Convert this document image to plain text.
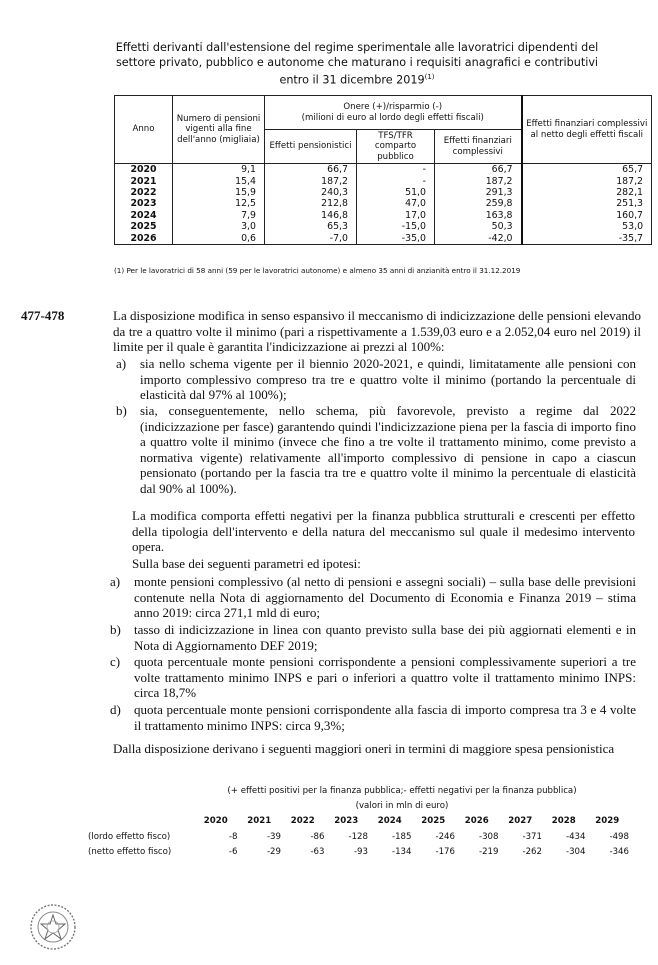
Effetti derivanti dall'estensione del regime sperimentale alle lavoratrici dipendenti del settore privato, pubblico e autonome che maturano i requisiti anagrafici e contributivi entro il 31 dicembre 2019$^{(1)}$
Anno	Numero di pensioni vigenti alla fine dell'anno (migliaia)	Onere (+)/risparmio (-)
(milioni di euro al lordo degli effetti fiscali)			Effetti finanziari complessivi al netto degli effetti fiscali
		Effetti pensionistici	TFS/TFR comparto pubblico	Effetti finanziari complessivi	
2020	9,1	66,7	-	66,7	65,7
2021	15,4	187,2	-	187,2	187,2
2022	15,9	240,3	51,0	291,3	282,1
2023	12,5	212,8	47,0	259,8	251,3
2024	7,9	146,8	17,0	163,8	160,7
2025	3,0	65,3	-15,0	50,3	53,0
2026	0,6	-7,0	-35,0	-42,0	-35,7
(1) Per le lavoratrici di 58 anni (59 per le lavoratrici autonome) e almeno 35 anni di anzianità entro il 31.12.2019
477-478	La disposizione modifica in senso espansivo il meccanismo di indicizzazione delle pensioni elevando da tre a quattro volte il minimo (pari a rispettivamente a 1.539,03 euro e a 2.052,04 euro nel 2019) il limite per il quale è garantita l'indicizzazione ai prezzi al 100%:
a) sia nello schema vigente per il biennio 2020-2021, e quindi, limitatamente alle pensioni con importo complessivo compreso tra tre e quattro volte il minimo (portando la percentuale di elasticità dal 97% al 100%);
b) sia, conseguentemente, nello schema, più favorevole, previsto a regime dal 2022 (indicizzazione per fasce) garantendo quindi l'indicizzazione piena per la fascia di importo fino a quattro volte il minimo (invece che fino a tre volte il trattamento minimo, come previsto a normativa vigente) relativamente all'importo complessivo di pensione in capo a ciascun pensionato (portando per la fascia tra tre e quattro volte il minimo la percentuale di elasticità dal 90% al 100%).
La modifica comporta effetti negativi per la finanza pubblica strutturali e crescenti per effetto della tipologia dell'intervento e della natura del meccanismo sul quale il medesimo intervento opera.
Sulla base dei seguenti parametri ed ipotesi:
a) monte pensioni complessivo (al netto di pensioni e assegni sociali) – sulla base delle previsioni contenute nella Nota di aggiornamento del Documento di Economia e Finanza 2019 – stima anno 2019: circa 271,1 mld di euro;
b) tasso di indicizzazione in linea con quanto previsto sulla base dei più aggiornati elementi e in Nota di Aggiornamento DEF 2019;
c) quota percentuale monte pensioni corrispondente a pensioni complessivamente superiori a tre volte trattamento minimo INPS e pari o inferiori a quattro volte il trattamento minimo INPS: circa 18,7%
d) quota percentuale monte pensioni corrispondente alla fascia di importo compresa tra 3 e 4 volte il trattamento minimo INPS: circa 9,3%;
Dalla disposizione derivano i seguenti maggiori oneri in termini di maggiore spesa pensionistica
(+ effetti positivi per la finanza pubblica;- effetti negativi per la finanza pubblica)
(valori in mln di euro)
	2020	2021	2022	2023	2024	2025	2026	2027	2028	2029
(lordo effetto fisco)	-8	-39	-86	-128	-185	-246	-308	-371	-434	-498
(netto effetto fisco)	-6	-29	-63	-93	-134	-176	-219	-262	-304	-346
